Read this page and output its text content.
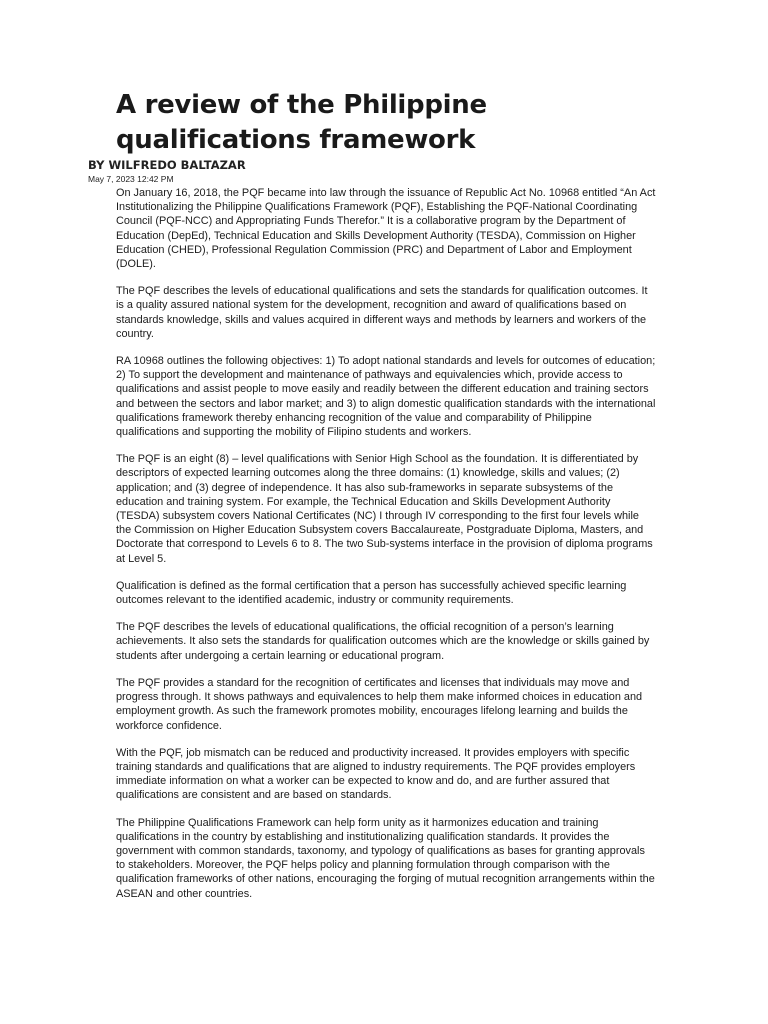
A review of the Philippine qualifications framework
BY WILFREDO BALTAZAR
May 7, 2023 12:42 PM

On January 16, 2018, the PQF became into law through the issuance of Republic Act No. 10968 entitled “An Act Institutionalizing the Philippine Qualifications Framework (PQF), Establishing the PQF-National Coordinating Council (PQF-NCC) and Appropriating Funds Therefor.” It is a collaborative program by the Department of Education (DepEd), Technical Education and Skills Development Authority (TESDA), Commission on Higher Education (CHED), Professional Regulation Commission (PRC) and Department of Labor and Employment (DOLE).

The PQF describes the levels of educational qualifications and sets the standards for qualification outcomes. It is a quality assured national system for the development, recognition and award of qualifications based on standards knowledge, skills and values acquired in different ways and methods by learners and workers of the country.

RA 10968 outlines the following objectives: 1) To adopt national standards and levels for outcomes of education; 2) To support the development and maintenance of pathways and equivalencies which, provide access to qualifications and assist people to move easily and readily between the different education and training sectors and between the sectors and labor market; and 3) to align domestic qualification standards with the international qualifications framework thereby enhancing recognition of the value and comparability of Philippine qualifications and supporting the mobility of Filipino students and workers.

The PQF is an eight (8) – level qualifications with Senior High School as the foundation. It is differentiated by descriptors of expected learning outcomes along the three domains: (1) knowledge, skills and values; (2) application; and (3) degree of independence. It has also sub-frameworks in separate subsystems of the education and training system. For example, the Technical Education and Skills Development Authority (TESDA) subsystem covers National Certificates (NC) I through IV corresponding to the first four levels while the Commission on Higher Education Subsystem covers Baccalaureate, Postgraduate Diploma, Masters, and Doctorate that correspond to Levels 6 to 8. The two Sub-systems interface in the provision of diploma programs at Level 5.

Qualification is defined as the formal certification that a person has successfully achieved specific learning outcomes relevant to the identified academic, industry or community requirements.

The PQF describes the levels of educational qualifications, the official recognition of a person’s learning achievements. It also sets the standards for qualification outcomes which are the knowledge or skills gained by students after undergoing a certain learning or educational program.

The PQF provides a standard for the recognition of certificates and licenses that individuals may move and progress through. It shows pathways and equivalences to help them make informed choices in education and employment growth. As such the framework promotes mobility, encourages lifelong learning and builds the workforce confidence.

With the PQF, job mismatch can be reduced and productivity increased. It provides employers with specific training standards and qualifications that are aligned to industry requirements. The PQF provides employers immediate information on what a worker can be expected to know and do, and are further assured that qualifications are consistent and are based on standards.

The Philippine Qualifications Framework can help form unity as it harmonizes education and training qualifications in the country by establishing and institutionalizing qualification standards. It provides the government with common standards, taxonomy, and typology of qualifications as bases for granting approvals to stakeholders. Moreover, the PQF helps policy and planning formulation through comparison with the qualification frameworks of other nations, encouraging the forging of mutual recognition arrangements within the ASEAN and other countries.
